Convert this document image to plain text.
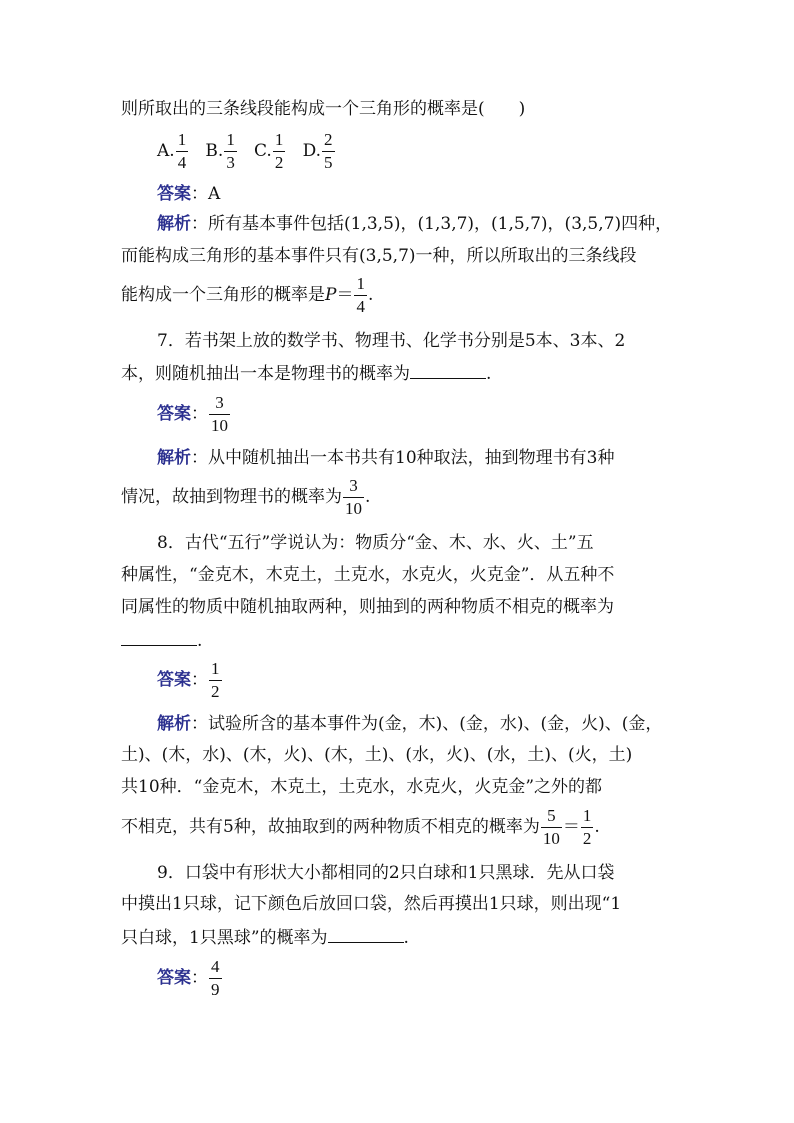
则所取出的三条线段能构成一个三角形的概率是(　　)
A. $\frac{1}{4} B$. $\frac{1}{3} C$. $\frac{1}{2} D$. $\frac{2}{5}$
答案：A
解析：所有基本事件包括(1,3,5)，(1,3,7)，(1,5,7)，(3,5,7)四种，
而能构成三角形的基本事件只有(3,5,7)一种，所以所取出的三条线段
能构成一个三角形的概率是$P= \frac{1}{4}$ .
7．若书架上放的数学书、物理书、化学书分别是5本、3本、2
本，则随机抽出一本是物理书的概率为	.
答案： $\frac{3}{10}$
解析：从中随机抽出一本书共有10种取法，抽到物理书有3种
情况，故抽到物理书的概率为 $\frac{3}{10}$ .
8．古代“五行”学说认为：物质分“金、木、水、火、土”五
种属性，“金克木，木克土，土克水，水克火，火克金”．从五种不
同属性的物质中随机抽取两种，则抽到的两种物质不相克的概率为
.
答案： $\frac{1}{2}$
解析：试验所含的基本事件为(金，木)、(金，水)、(金，火)、(金，
土)、(木，水)、(木，火)、(木，土)、(水，火)、(水，土)、(火，土)
共10种．“金克木，木克土，土克水，水克火，火克金”之外的都
不相克，共有5种，故抽取到的两种物质不相克的概率为 $\frac{5}{10} = \frac{1}{2}$ .
9．口袋中有形状大小都相同的2只白球和1只黑球．先从口袋
中摸出1只球，记下颜色后放回口袋，然后再摸出1只球，则出现“1
只白球，1只黑球”的概率为	.
答案： $\frac{4}{9}$
